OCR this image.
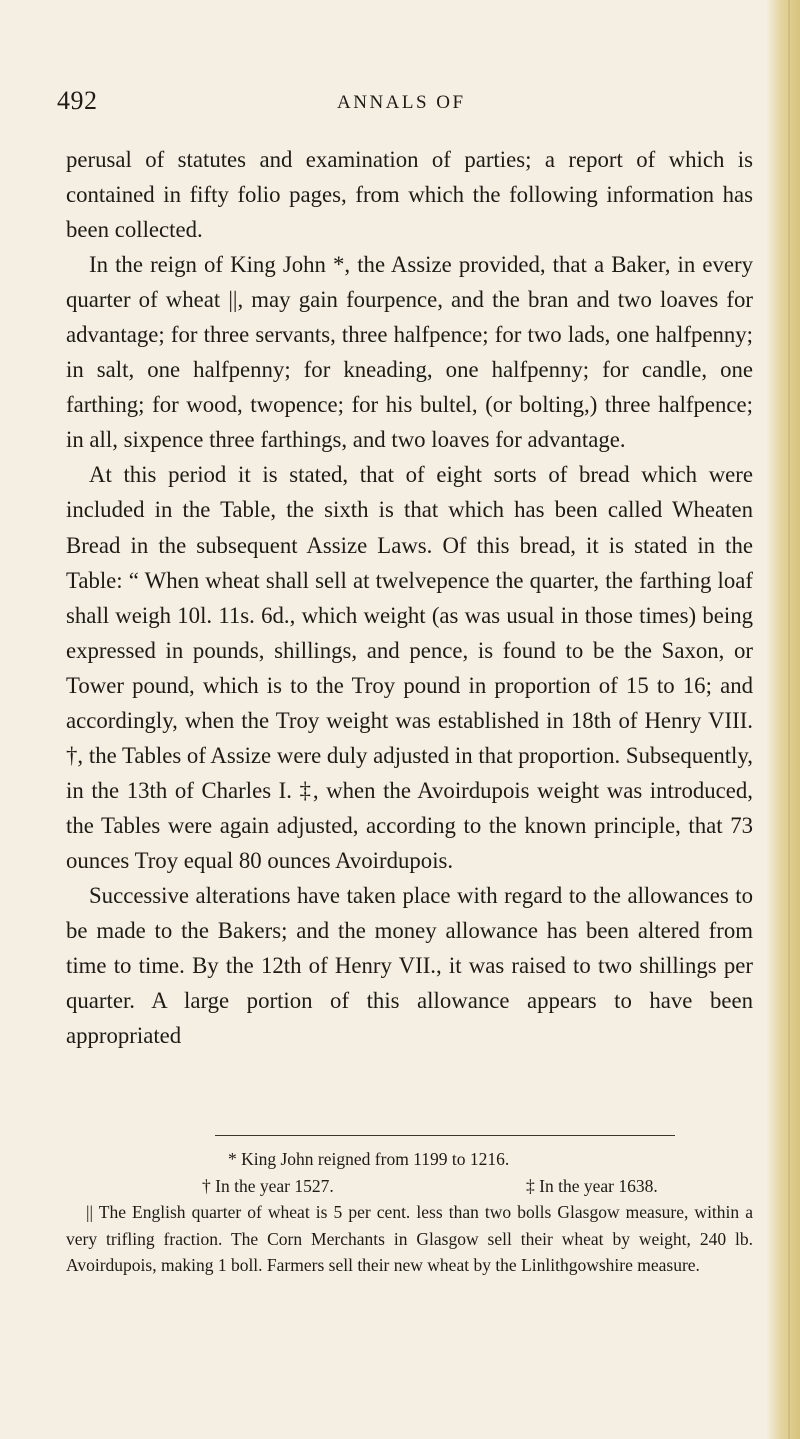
492	ANNALS OF

perusal of statutes and examination of parties; a report of which is contained in fifty folio pages, from which the following information has been collected.

In the reign of King John *, the Assize provided, that a Baker, in every quarter of wheat ||, may gain fourpence, and the bran and two loaves for advantage; for three servants, three halfpence; for two lads, one halfpenny; in salt, one halfpenny; for kneading, one halfpenny; for candle, one farthing; for wood, twopence; for his bultel, (or bolting,) three halfpence; in all, sixpence three farthings, and two loaves for advantage.

At this period it is stated, that of eight sorts of bread which were included in the Table, the sixth is that which has been called Wheaten Bread in the subsequent Assize Laws. Of this bread, it is stated in the Table: “ When wheat shall sell at twelvepence the quarter, the farthing loaf shall weigh 10l. 11s. 6d., which weight (as was usual in those times) being expressed in pounds, shillings, and pence, is found to be the Saxon, or Tower pound, which is to the Troy pound in proportion of 15 to 16; and accordingly, when the Troy weight was established in 18th of Henry VIII. †, the Tables of Assize were duly adjusted in that proportion. Subsequently, in the 13th of Charles I. ‡, when the Avoirdupois weight was introduced, the Tables were again adjusted, according to the known principle, that 73 ounces Troy equal 80 ounces Avoirdupois.

Successive alterations have taken place with regard to the allowances to be made to the Bakers; and the money allowance has been altered from time to time. By the 12th of Henry VII., it was raised to two shillings per quarter. A large portion of this allowance appears to have been appropriated

* King John reigned from 1199 to 1216.

† In the year 1527.	‡ In the year 1638.

|| The English quarter of wheat is 5 per cent. less than two bolls Glasgow measure, within a very trifling fraction. The Corn Merchants in Glasgow sell their wheat by weight, 240 lb. Avoirdupois, making 1 boll. Farmers sell their new wheat by the Linlithgowshire measure.
